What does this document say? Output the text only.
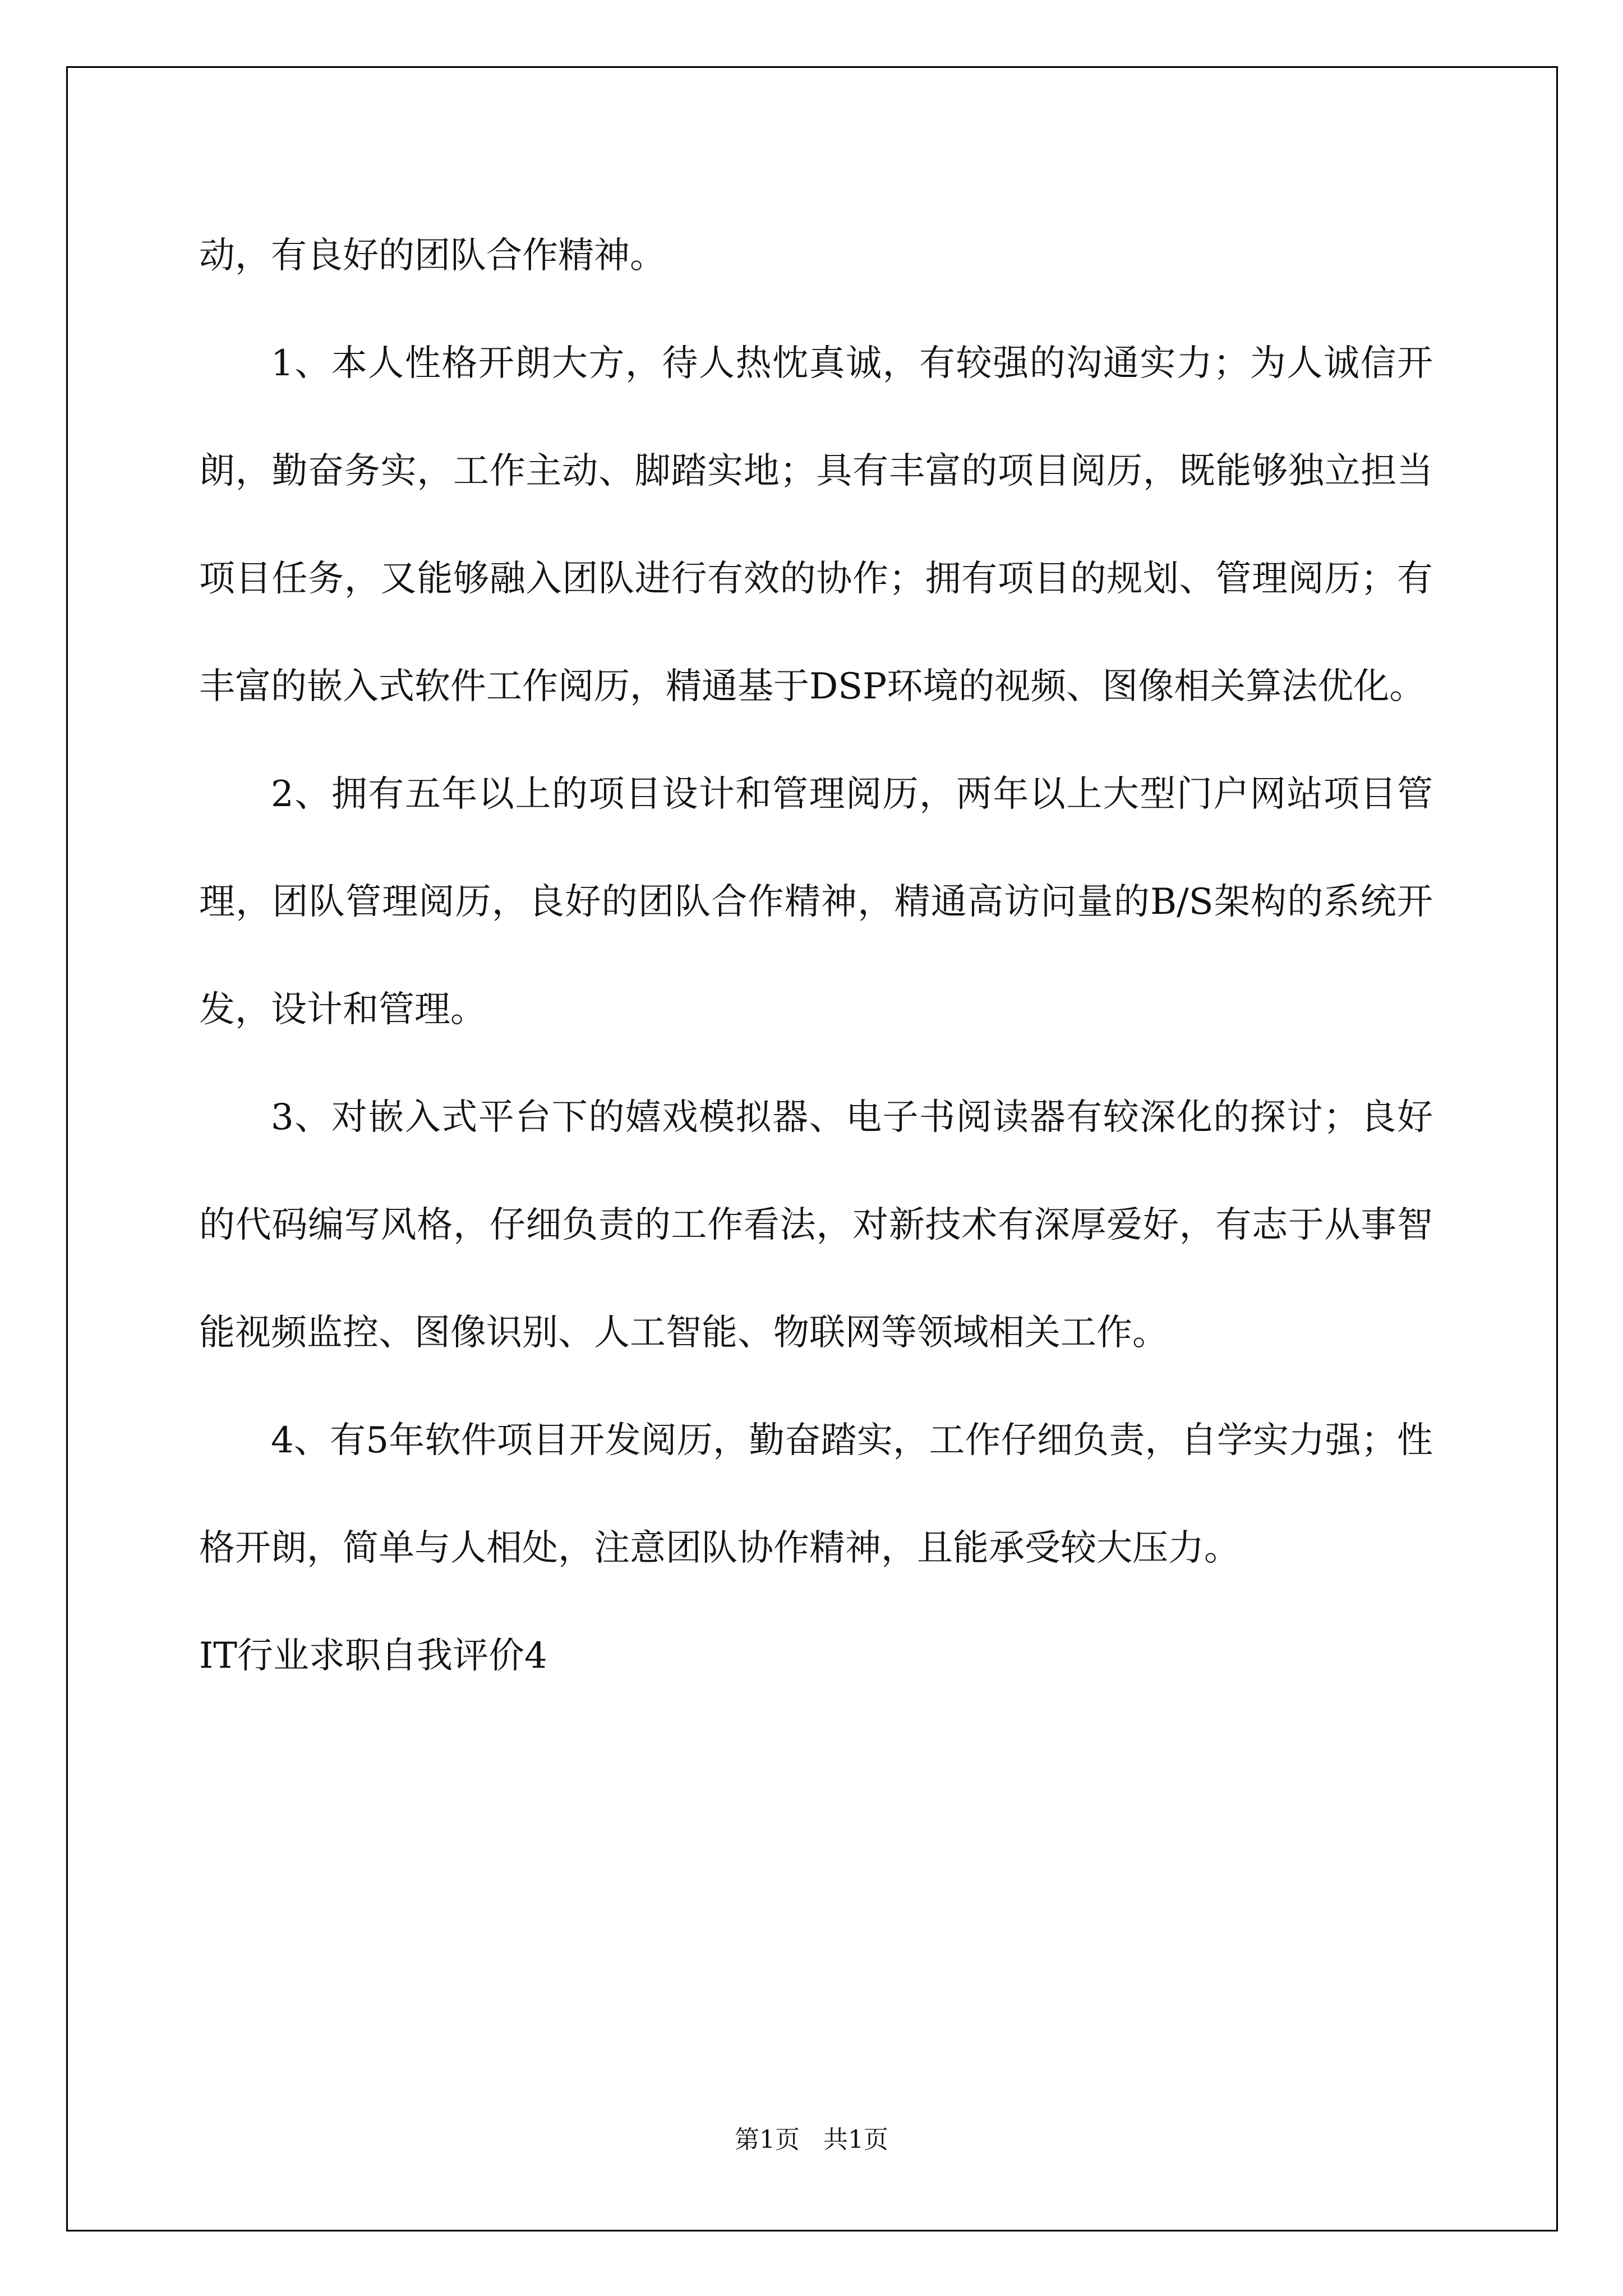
动，有良好的团队合作精神。

1、本人性格开朗大方，待人热忱真诚，有较强的沟通实力；为人诚信开朗，勤奋务实，工作主动、脚踏实地；具有丰富的项目阅历，既能够独立担当项目任务，又能够融入团队进行有效的协作；拥有项目的规划、管理阅历；有丰富的嵌入式软件工作阅历，精通基于DSP环境的视频、图像相关算法优化。

2、拥有五年以上的项目设计和管理阅历，两年以上大型门户网站项目管理，团队管理阅历，良好的团队合作精神，精通高访问量的B/S架构的系统开发，设计和管理。

3、对嵌入式平台下的嬉戏模拟器、电子书阅读器有较深化的探讨；良好的代码编写风格，仔细负责的工作看法，对新技术有深厚爱好，有志于从事智能视频监控、图像识别、人工智能、物联网等领域相关工作。

4、有5年软件项目开发阅历，勤奋踏实，工作仔细负责，自学实力强；性格开朗，简单与人相处，注意团队协作精神，且能承受较大压力。

IT行业求职自我评价4

第1页   共1页
